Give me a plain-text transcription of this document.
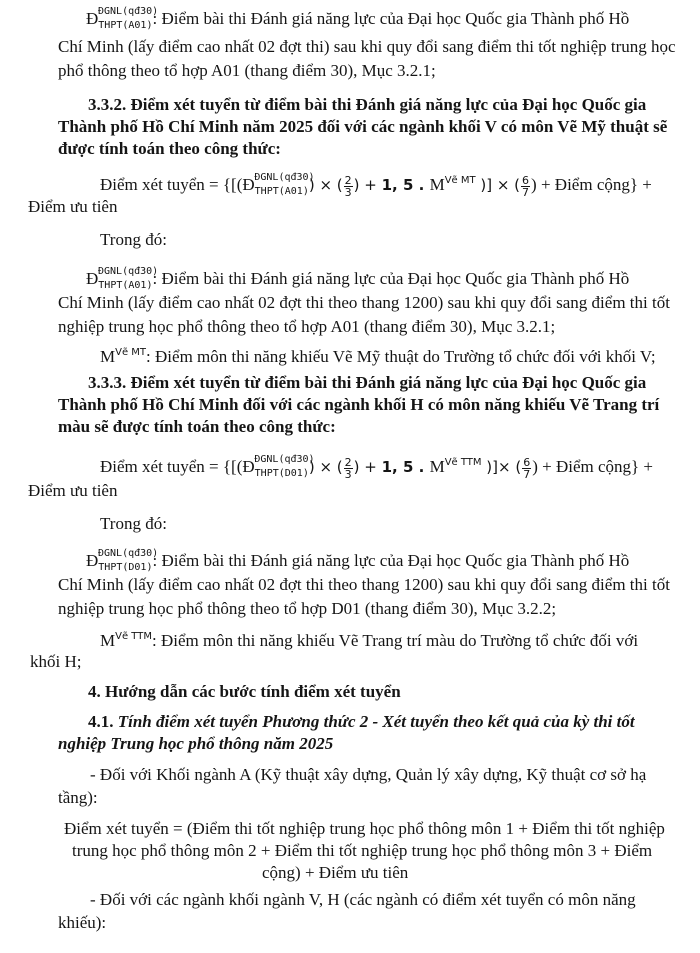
Đ ĐGNL(qđ30)
$_{THPT(A01)}$: Điểm bài thi Đánh giá năng lực của Đại học Quốc gia Thành phố Hồ
Chí Minh (lấy điểm cao nhất 02 đợt thi) sau khi quy đổi sang điểm thi tốt nghiệp trung học
phổ thông theo tổ hợp A01 (thang điểm 30), Mục 3.2.1;
3.3.2. Điểm xét tuyển từ điểm bài thi Đánh giá năng lực của Đại học Quốc gia
Thành phố Hồ Chí Minh năm 2025 đối với các ngành khối V có môn Vẽ Mỹ thuật sẽ
được tính toán theo công thức:
Điểm xét tuyển = {[(Đ ĐGNL(qđ30)
$_{THPT(A01)}$) × ( $\frac{2}{3}$ ) + 1, 5 . $M^{Vẽ MT}$ )] × ( $\frac{6}{7}$ ) + Điểm cộng} +
Điểm ưu tiên
Trong đó:
Đ ĐGNL(qđ30)
$_{THPT(A01)}$: Điểm bài thi Đánh giá năng lực của Đại học Quốc gia Thành phố Hồ
Chí Minh (lấy điểm cao nhất 02 đợt thi theo thang 1200) sau khi quy đổi sang điểm thi tốt
nghiệp trung học phổ thông theo tổ hợp A01 (thang điểm 30), Mục 3.2.1;
$M^{Vẽ MT}$: Điểm môn thi năng khiếu Vẽ Mỹ thuật do Trường tổ chức đối với khối V;
3.3.3. Điểm xét tuyển từ điểm bài thi Đánh giá năng lực của Đại học Quốc gia
Thành phố Hồ Chí Minh đối với các ngành khối H có môn năng khiếu Vẽ Trang trí
màu sẽ được tính toán theo công thức:
Điểm xét tuyển = {[(Đ ĐGNL(qđ30)
$_{THPT(D01)}$) × ( $\frac{2}{3}$ ) + 1, 5 . $M^{Vẽ TTM}$ )]× ( $\frac{6}{7}$ ) + Điểm cộng} +
Điểm ưu tiên
Trong đó:
Đ ĐGNL(qđ30)
$_{THPT(D01)}$: Điểm bài thi Đánh giá năng lực của Đại học Quốc gia Thành phố Hồ
Chí Minh (lấy điểm cao nhất 02 đợt thi theo thang 1200) sau khi quy đổi sang điểm thi tốt
nghiệp trung học phổ thông theo tổ hợp D01 (thang điểm 30), Mục 3.2.2;
$M^{Vẽ TTM}$: Điểm môn thi năng khiếu Vẽ Trang trí màu do Trường tổ chức đối với
khối H;
4. Hướng dẫn các bước tính điểm xét tuyển
4.1. Tính điểm xét tuyển Phương thức 2 - Xét tuyển theo kết quả của kỳ thi tốt
nghiệp Trung học phổ thông năm 2025
- Đối với Khối ngành A (Kỹ thuật xây dựng, Quản lý xây dựng, Kỹ thuật cơ sở hạ
tầng):
Điểm xét tuyển = (Điểm thi tốt nghiệp trung học phổ thông môn 1 + Điểm thi tốt nghiệp
trung học phổ thông môn 2 + Điểm thi tốt nghiệp trung học phổ thông môn 3 + Điểm
cộng) + Điểm ưu tiên
- Đối với các ngành khối ngành V, H (các ngành có điểm xét tuyển có môn năng
khiếu):
